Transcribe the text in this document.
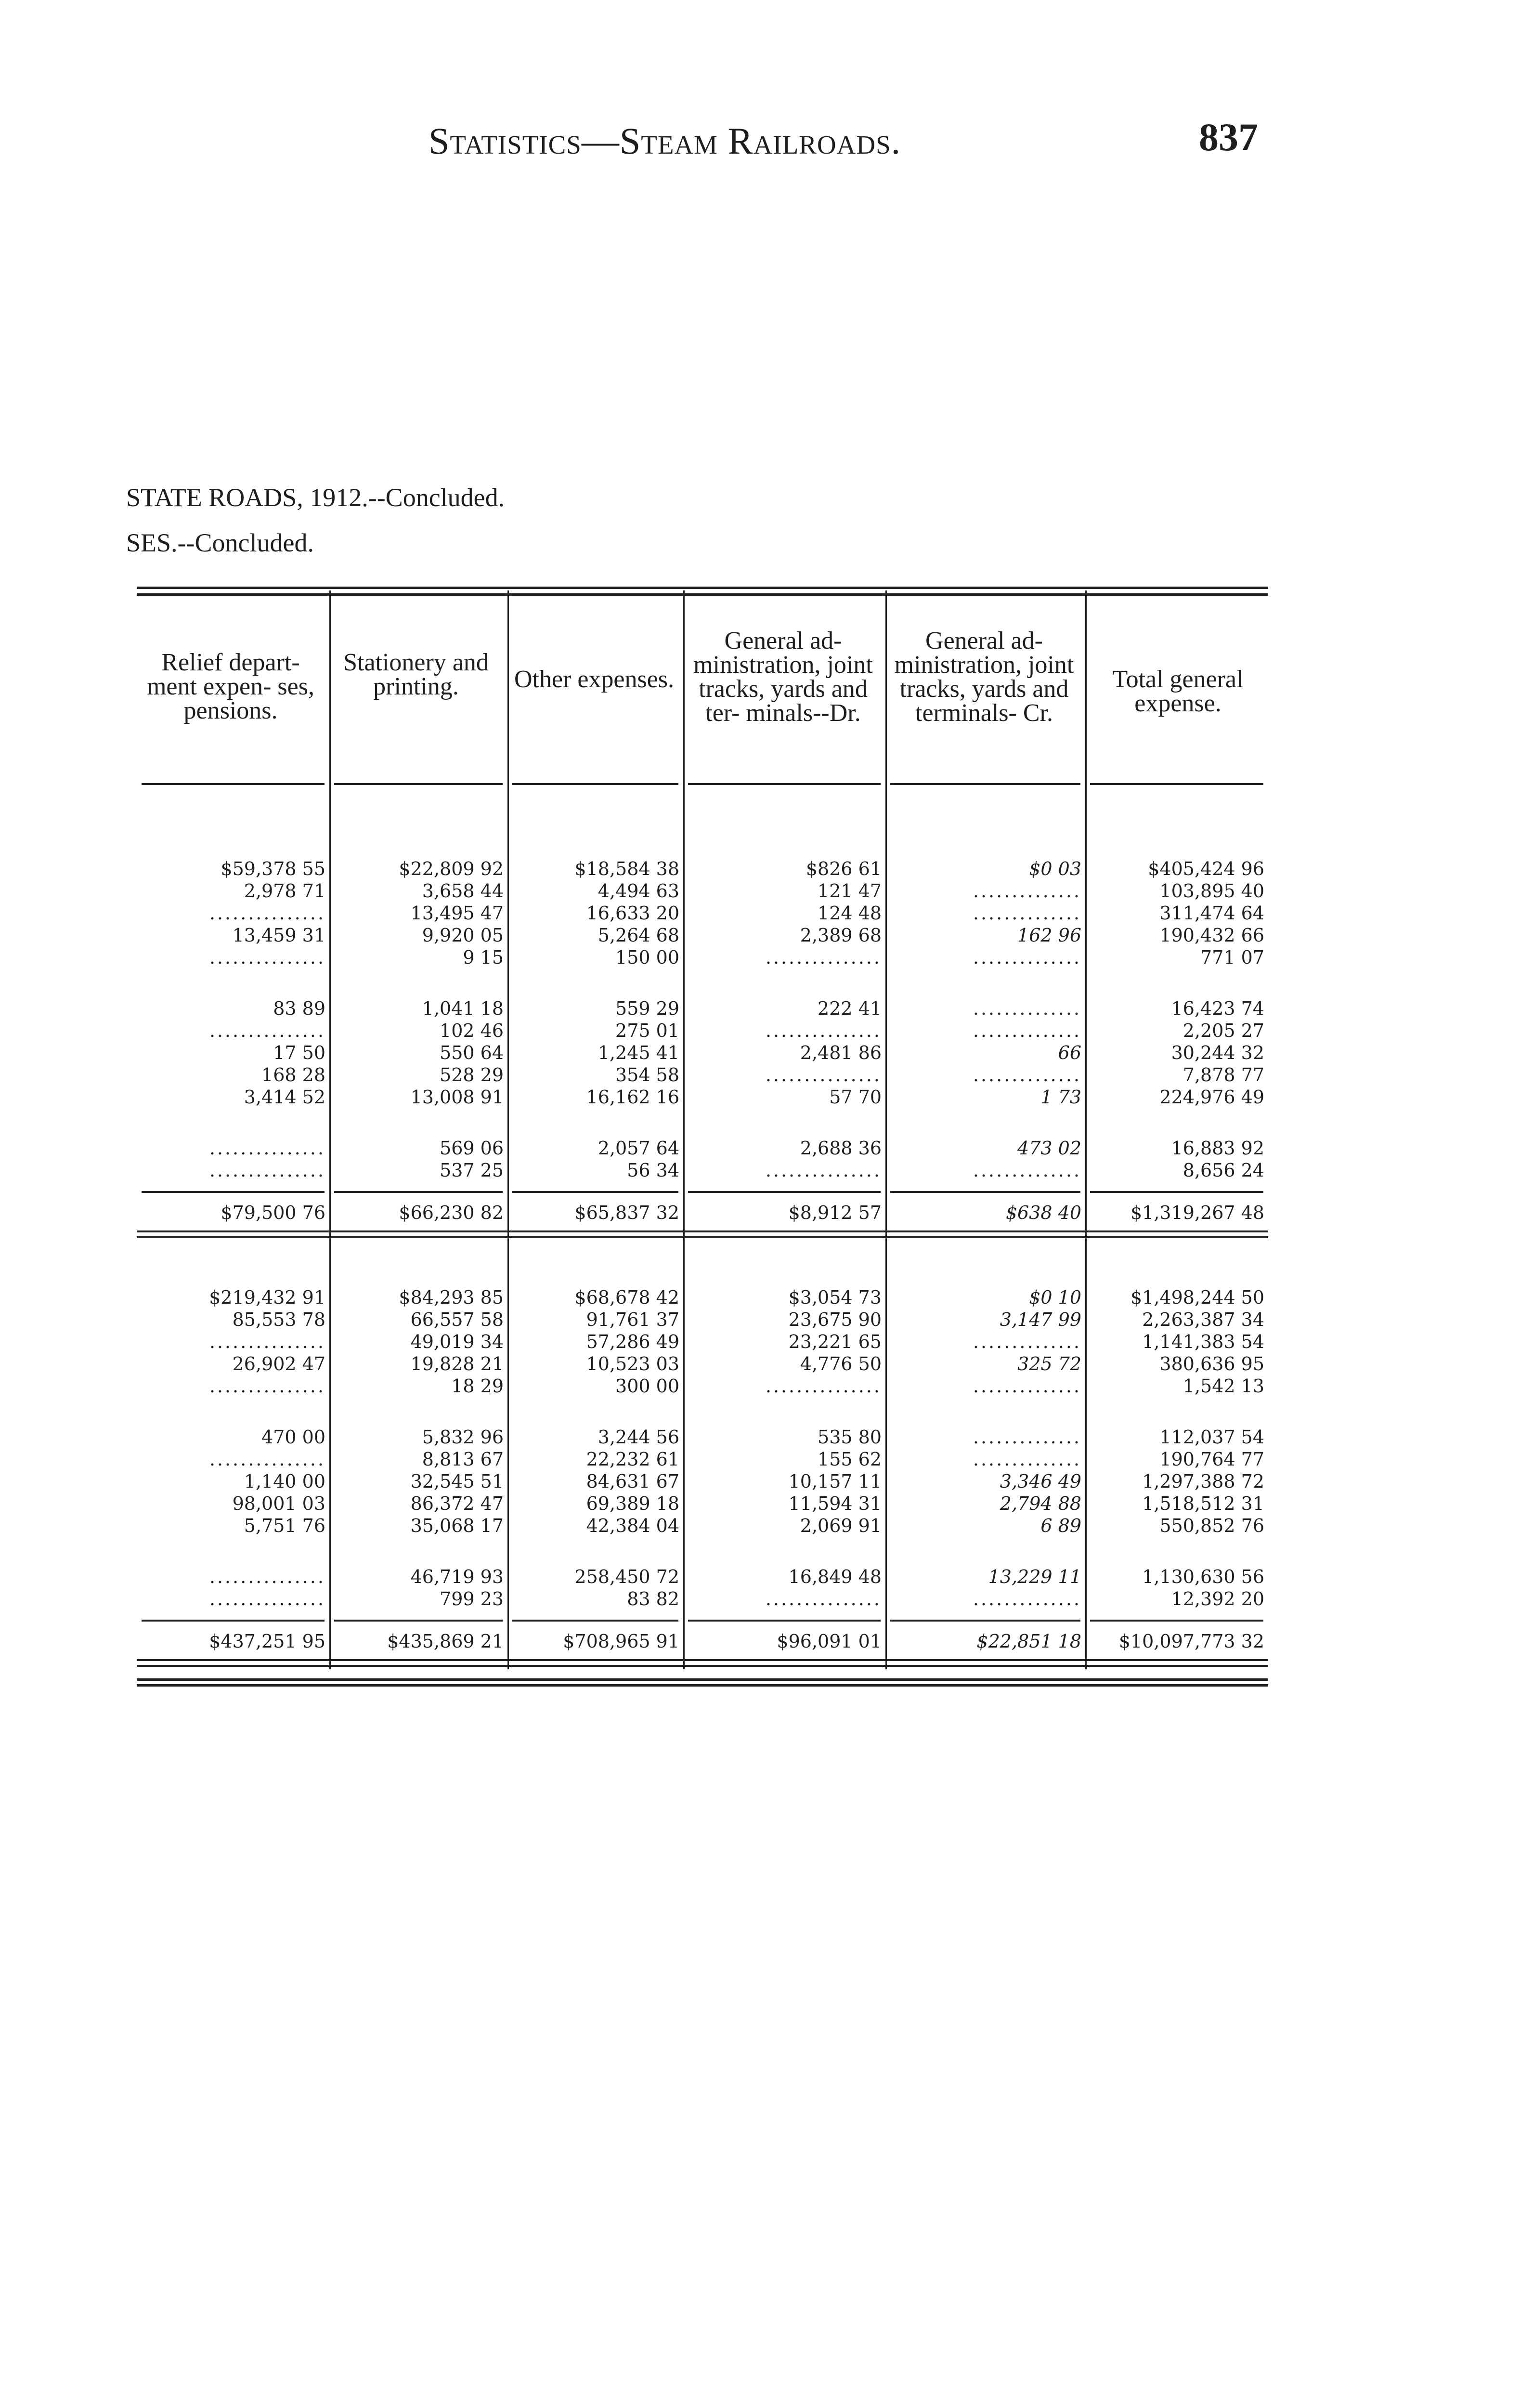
Statistics—Steam Railroads.	837
STATE ROADS, 1912.--Concluded.
SES.--Concluded.
Relief depart- ment expen- ses, pensions.
Stationery and printing.	Other expenses.
General ad- ministration, joint tracks, yards and ter- minals--Dr.
General ad- ministration, joint tracks, yards and terminals- Cr.
Total general expense.
$59,378 55	$22,809 92	$18,584 38	$826 61	$0 03	$405,424 96
2,978 71	3,658 44	4,494 63	121 47	..............	103,895 40
...............	13,495 47	16,633 20	124 48	..............	311,474 64
13,459 31	9,920 05	5,264 68	2,389 68	162 96	190,432 66
...............	9 15	150 00	...............	..............	771 07
83 89	1,041 18	559 29	222 41	..............	16,423 74
...............	102 46	275 01	...............	..............	2,205 27
17 50	550 64	1,245 41	2,481 86	66	30,244 32
168 28	528 29	354 58	...............	..............	7,878 77
3,414 52	13,008 91	16,162 16	57 70	1 73	224,976 49
...............	569 06	2,057 64	2,688 36	473 02	16,883 92
...............	537 25	56 34	...............	..............	8,656 24
$79,500 76	$66,230 82	$65,837 32	$8,912 57	$638 40	$1,319,267 48
$219,432 91	$84,293 85	$68,678 42	$3,054 73	$0 10	$1,498,244 50
85,553 78	66,557 58	91,761 37	23,675 90	3,147 99	2,263,387 34
...............	49,019 34	57,286 49	23,221 65	..............	1,141,383 54
26,902 47	19,828 21	10,523 03	4,776 50	325 72	380,636 95
...............	18 29	300 00	...............	..............	1,542 13
470 00	5,832 96	3,244 56	535 80	..............	112,037 54
...............	8,813 67	22,232 61	155 62	..............	190,764 77
1,140 00	32,545 51	84,631 67	10,157 11	3,346 49	1,297,388 72
98,001 03	86,372 47	69,389 18	11,594 31	2,794 88	1,518,512 31
5,751 76	35,068 17	42,384 04	2,069 91	6 89	550,852 76
...............	46,719 93	258,450 72	16,849 48	13,229 11	1,130,630 56
...............	799 23	83 82	...............	..............	12,392 20
$437,251 95	$435,869 21	$708,965 91	$96,091 01	$22,851 18 $10,097,773 32
